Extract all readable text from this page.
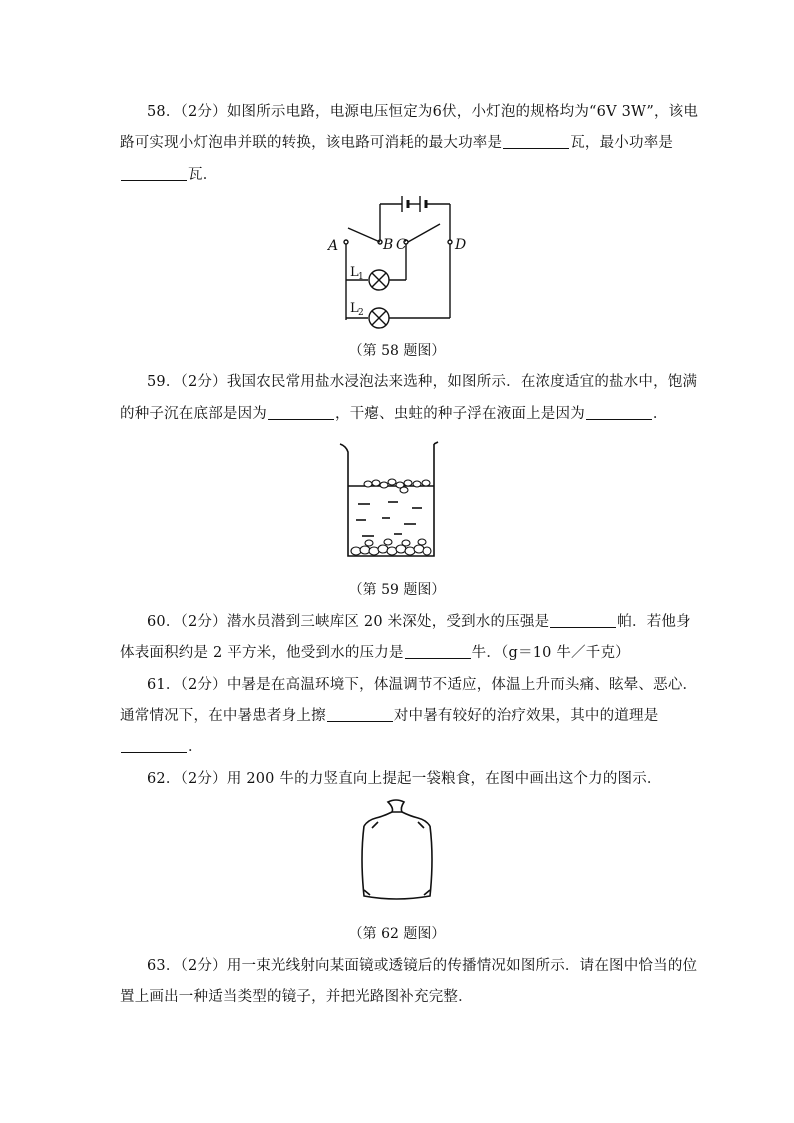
58．（2分）如图所示电路，电源电压恒定为6伏，小灯泡的规格均为“6V 3W”，该电
路可实现小灯泡串并联的转换，该电路可消耗的最大功率是	瓦，最小功率是
瓦．
A	B C	D
L 1
L 2
（第 58 题图）
59．（2分）我国农民常用盐水浸泡法来选种，如图所示．在浓度适宜的盐水中，饱满
的种子沉在底部是因为	，干瘪、虫蛀的种子浮在液面上是因为	．
（第 59 题图）
60．（2分）潜水员潜到三峡库区 20 米深处，受到水的压强是	帕．若他身
体表面积约是 2 平方米，他受到水的压力是	牛．（g＝10 牛／千克）
61．（2分）中暑是在高温环境下，体温调节不适应，体温上升而头痛、眩晕、恶心．
通常情况下，在中暑患者身上擦	对中暑有较好的治疗效果，其中的道理是
．
62．（2分）用 200 牛的力竖直向上提起一袋粮食，在图中画出这个力的图示．
（第 62 题图）
63．（2分）用一束光线射向某面镜或透镜后的传播情况如图所示．请在图中恰当的位
置上画出一种适当类型的镜子，并把光路图补充完整．
